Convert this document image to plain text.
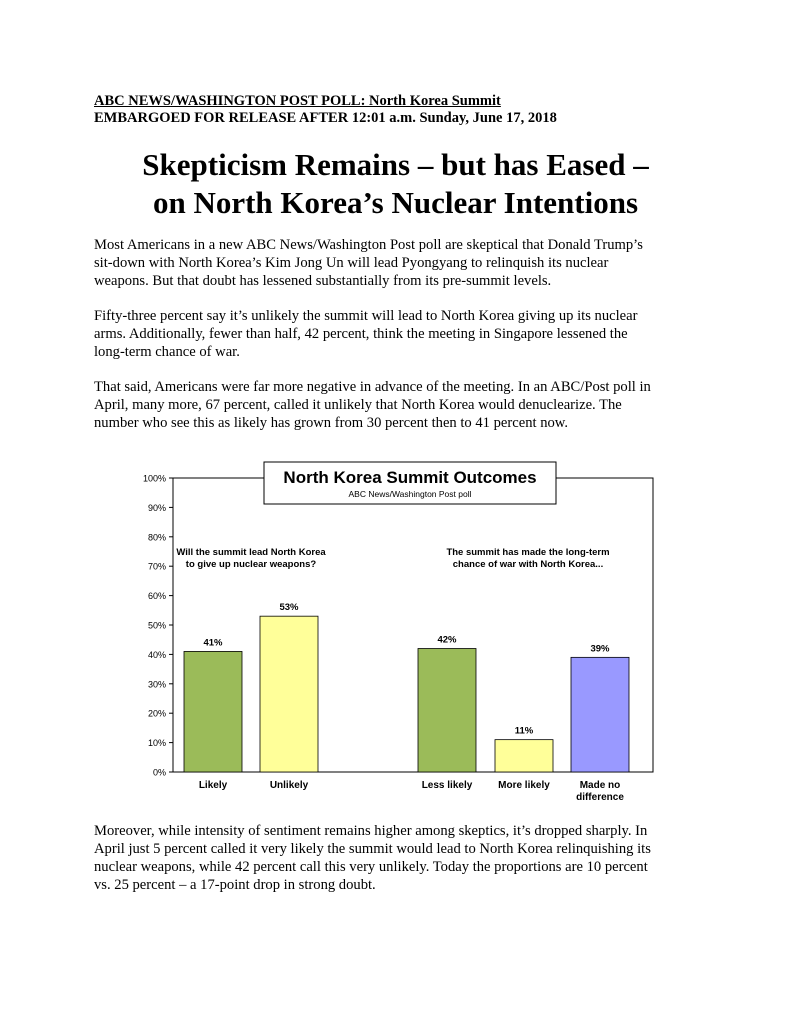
ABC NEWS/WASHINGTON POST POLL: North Korea Summit
EMBARGOED FOR RELEASE AFTER 12:01 a.m. Sunday, June 17, 2018
Skepticism Remains – but has Eased –
on North Korea’s Nuclear Intentions
Most Americans in a new ABC News/Washington Post poll are skeptical that Donald Trump’s
sit-down with North Korea’s Kim Jong Un will lead Pyongyang to relinquish its nuclear
weapons. But that doubt has lessened substantially from its pre-summit levels.
Fifty-three percent say it’s unlikely the summit will lead to North Korea giving up its nuclear
arms. Additionally, fewer than half, 42 percent, think the meeting in Singapore lessened the
long-term chance of war.
That said, Americans were far more negative in advance of the meeting. In an ABC/Post poll in
April, many more, 67 percent, called it unlikely that North Korea would denuclearize. The
number who see this as likely has grown from 30 percent then to 41 percent now.
0%
10%
20%
30%
40%
50%
60%
70%
80%
90%
100%	North Korea Summit Outcomes
ABC News/Washington Post poll
Will the summit lead North Korea
to give up nuclear weapons?
41%
Likely
53%
Unlikely
The summit has made the long-term
chance of war with North Korea...
42%
Less likely
11%
More likely
39%
Made no
difference
Moreover, while intensity of sentiment remains higher among skeptics, it’s dropped sharply. In
April just 5 percent called it very likely the summit would lead to North Korea relinquishing its
nuclear weapons, while 42 percent call this very unlikely. Today the proportions are 10 percent
vs. 25 percent – a 17-point drop in strong doubt.
